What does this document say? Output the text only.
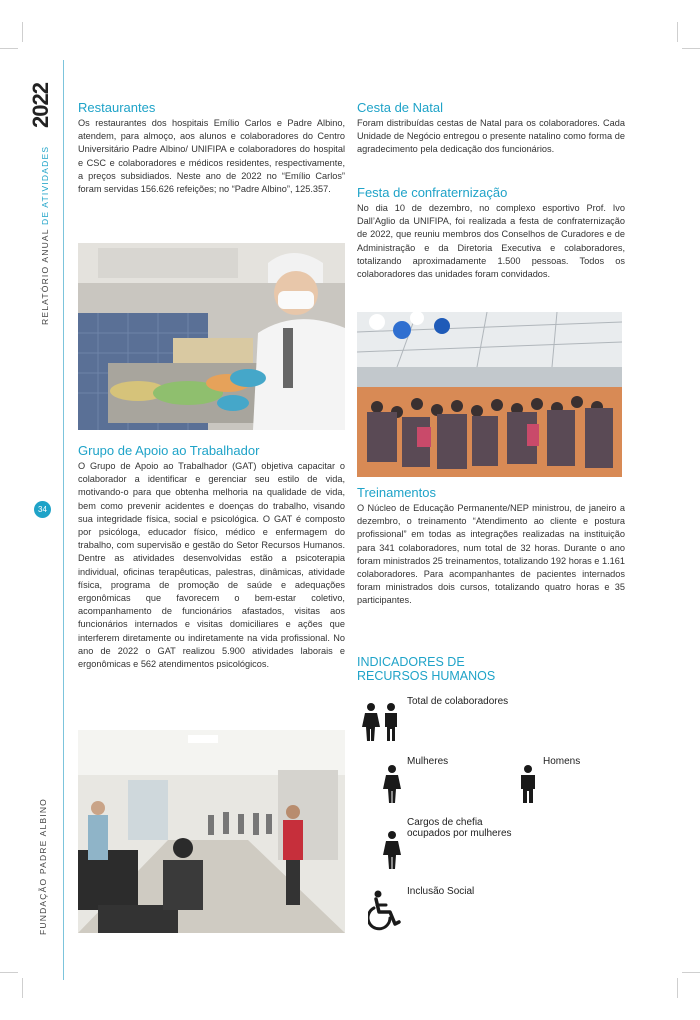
2022
RELATÓRIO ANUAL DE ATIVIDADES
34
FUNDAÇÃO PADRE ALBINO
Restaurantes

Os restaurantes dos hospitais Emílio Carlos e Padre Albino, atendem, para almoço, aos alunos e colaboradores do Centro Universitário Padre Albino/ UNIFIPA e colaboradores do hospital e CSC e colaboradores e médicos residentes, respectivamente, a preços subsidiados. Neste ano de 2022 no “Emílio Carlos” foram servidas 156.626 refeições; no “Padre Albino”, 125.357.

Grupo de Apoio ao Trabalhador

O Grupo de Apoio ao Trabalhador (GAT) objetiva capacitar o colaborador a identificar e gerenciar seu estilo de vida, motivando-o para que obtenha melhoria na qualidade de vida, bem como prevenir acidentes e doenças do trabalho, visando sua integridade física, social e psicológica. O GAT é composto por psicóloga, educador físico, médico e enfermagem do trabalho, com supervisão e gestão do Setor Recursos Humanos. Dentre as atividades desenvolvidas estão a psicoterapia individual, oficinas terapêuticas, palestras, dinâmicas, atividade física, programa de promoção de saúde e adequações ergonômicas que favorecem o bem-estar coletivo, acompanhamento de funcionários afastados, visitas aos funcionários internados e visitas domiciliares e ações que interferem diretamente ou indiretamente na vida profissional. No ano de 2022 o GAT realizou 5.900 atividades laborais e ergonômicas e 562 atendimentos psicológicos.

Cesta de Natal

Foram distribuídas cestas de Natal para os colaboradores. Cada Unidade de Negócio entregou o presente natalino como forma de agradecimento pela dedicação dos funcionários.

Festa de confraternização

No dia 10 de dezembro, no complexo esportivo Prof. Ivo Dall’Aglio da UNIFIPA, foi realizada a festa de confraternização de 2022, que reuniu membros dos Conselhos de Curadores e de Administração e da Diretoria Executiva e colaboradores, totalizando aproximadamente 1.500 pessoas. Todos os colaboradores das unidades foram convidados.

Treinamentos

O Núcleo de Educação Permanente/NEP ministrou, de janeiro a dezembro, o treinamento “Atendimento ao cliente e postura profissional” em todas as integrações realizadas na instituição para 341 colaboradores, num total de 32 horas. Durante o ano foram ministrados 25 treinamentos, totalizando 192 horas e 1.161 colaboradores. Para acompanhantes de pacientes internados foram ministrados dois cursos, totalizando quatro horas e 35 participantes.

INDICADORES DE
RECURSOS HUMANOS
Total de colaboradores
Mulheres	Homens
Cargos de chefia
ocupados por mulheres
Inclusão Social
